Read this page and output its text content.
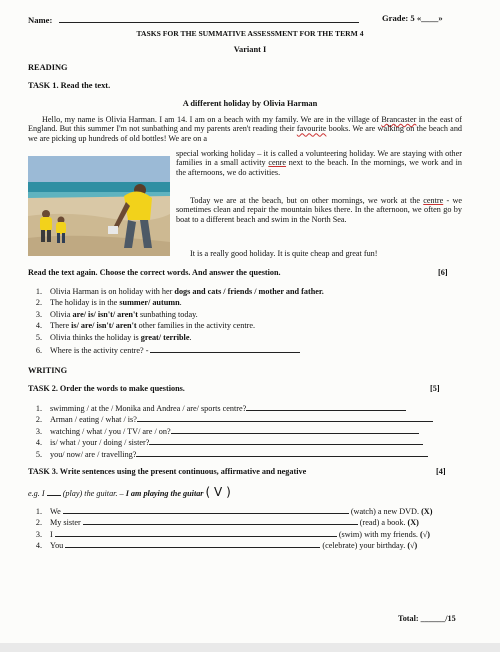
Name:	Grade: 5 «____»
TASKS FOR THE SUMMATIVE ASSESSMENT FOR THE TERM 4
Variant I
READING
TASK 1. Read the text.
A different holiday by Olivia Harman
Hello, my name is Olivia Harman. I am 14. I am on a beach with my family. We are in the village of Brancaster in the east of England. But this summer I'm not sunbathing and my parents aren't reading their favourite books. We are walking on the beach and we are picking up hundreds of old bottles! We are on a
special working holiday – it is called a volunteering holiday. We are staying with other families in a small activity cenre next to the beach. In the mornings, we work and in the afternoons, we do activities.
Today we are at the beach, but on other mornings, we work at the centre - we sometimes clean and repair the mountain bikes there. In the afternoon, we often go by boat to a different beach and swim in the North Sea.
It is a really good holiday. It is quite cheap and great fun!
Read the text again. Choose the correct words. And answer the question.	[6]
1. Olivia Harman is on holiday with her dogs and cats / friends / mother and father.
2. The holiday is in the summer/ autumn.
3. Olivia are/ is/ isn't/ aren't sunbathing today.
4. There is/ are/ isn't/ aren't other families in the activity centre.
5. Olivia thinks the holiday is great/ terrible.
6. Where is the activity centre? -
WRITING
TASK 2. Order the words to make questions.	[5]
1. swimming / at the / Monika and Andrea / are/ sports centre?
2. Arman / eating / what / is?
3. watching / what / you / TV/ are / on?
4. is/ what / your / doing / sister?
5. you/ now/ are / travelling?
TASK 3. Write sentences using the present continuous, affirmative and negative	[4]
e.g. I (play) the guitar. – I am playing the guitar ( V )
1. We	(watch) a new DVD. (X)
2. My sister	(read) a book. (X)
3. I	(swim) with my friends. (√)
4. You	(celebrate) your birthday. (√)
Total: ______/15
